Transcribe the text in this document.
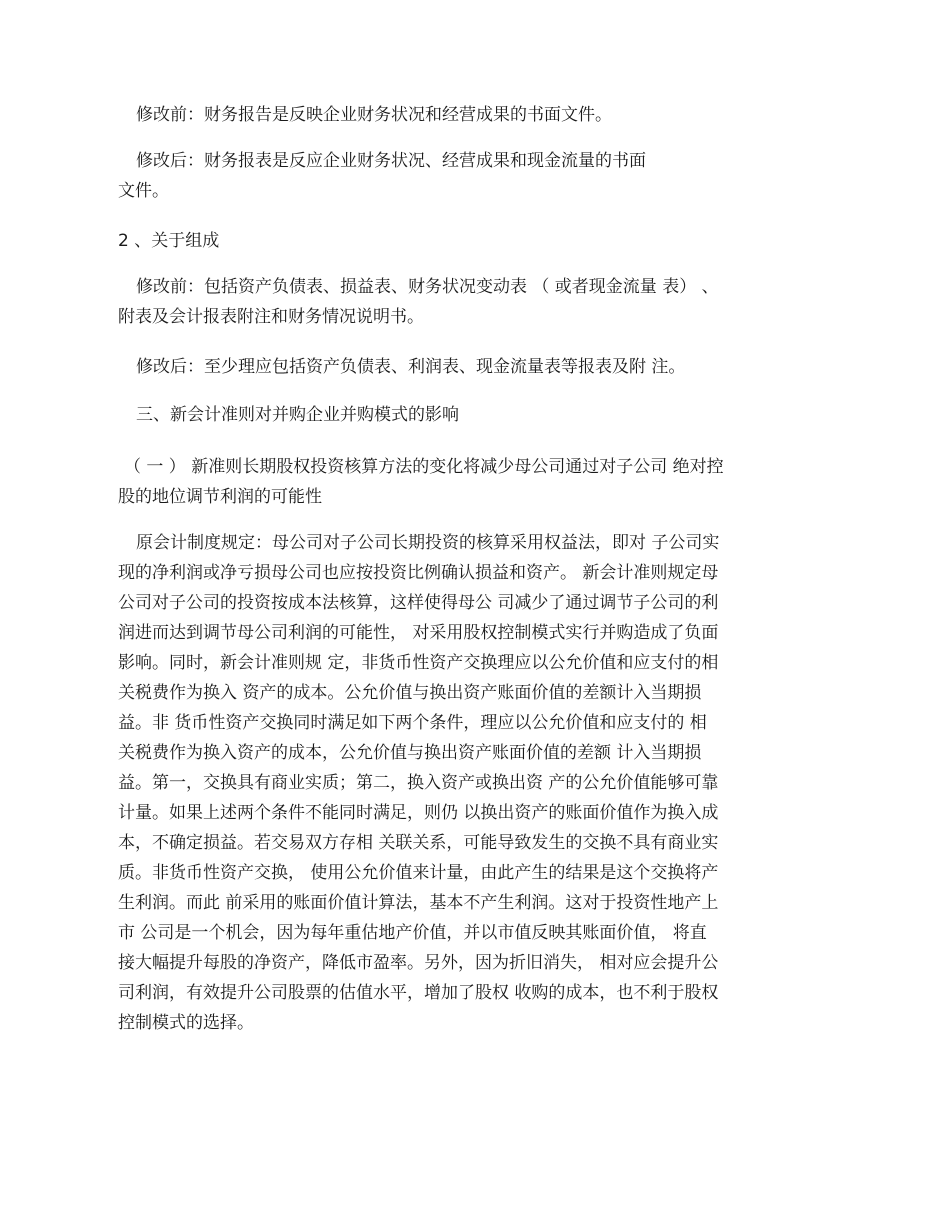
修改前：财务报告是反映企业财务状况和经营成果的书面文件。

修改后：财务报表是反应企业财务状况、经营成果和现金流量的书面
文件。

2 、关于组成

修改前：包括资产负债表、损益表、财务状况变动表 （ 或者现金流量 表） 、
附表及会计报表附注和财务情况说明书。

修改后：至少理应包括资产负债表、利润表、现金流量表等报表及附 注。

三、新会计准则对并购企业并购模式的影响

（ 一 ） 新准则长期股权投资核算方法的变化将减少母公司通过对子公司 绝对控
股的地位调节利润的可能性

原会计制度规定：母公司对子公司长期投资的核算采用权益法，即对 子公司实
现的净利润或净亏损母公司也应按投资比例确认损益和资产。 新会计准则规定母
公司对子公司的投资按成本法核算，这样使得母公 司减少了通过调节子公司的利
润进而达到调节母公司利润的可能性， 对采用股权控制模式实行并购造成了负面
影响。同时，新会计准则规 定，非货币性资产交换理应以公允价值和应支付的相
关税费作为换入 资产的成本。公允价值与换出资产账面价值的差额计入当期损
益。非 货币性资产交换同时满足如下两个条件，理应以公允价值和应支付的 相
关税费作为换入资产的成本，公允价值与换出资产账面价值的差额 计入当期损
益。第一，交换具有商业实质；第二，换入资产或换出资 产的公允价值能够可靠
计量。如果上述两个条件不能同时满足，则仍 以换出资产的账面价值作为换入成
本，不确定损益。若交易双方存相 关联关系，可能导致发生的交换不具有商业实
质。非货币性资产交换， 使用公允价值来计量，由此产生的结果是这个交换将产
生利润。而此 前采用的账面价值计算法，基本不产生利润。这对于投资性地产上
市 公司是一个机会，因为每年重估地产价值，并以市值反映其账面价值， 将直
接大幅提升每股的净资产，降低市盈率。另外，因为折旧消失， 相对应会提升公
司利润，有效提升公司股票的估值水平，增加了股权 收购的成本，也不利于股权
控制模式的选择。
